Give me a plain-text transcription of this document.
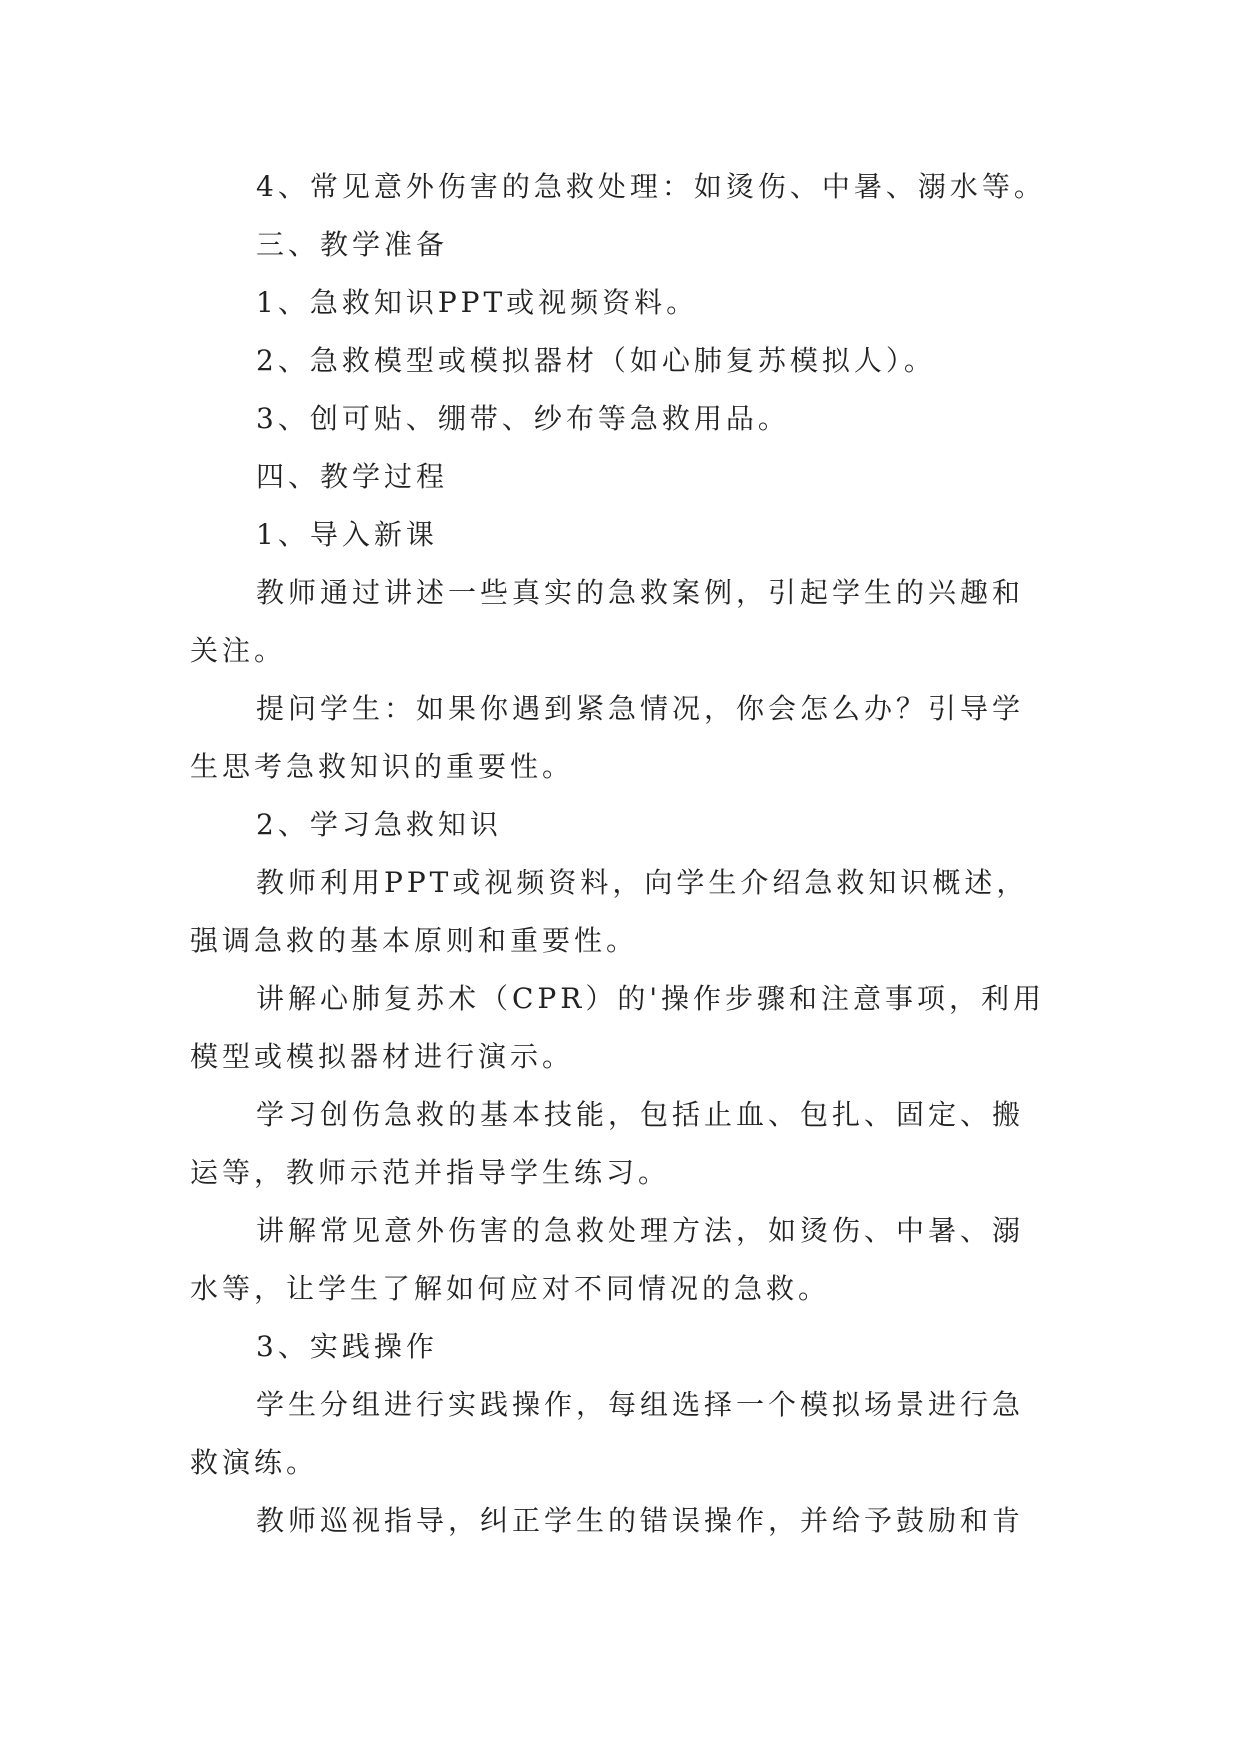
4、常见意外伤害的急救处理：如烫伤、中暑、溺水等。

三、教学准备

1、急救知识PPT或视频资料。

2、急救模型或模拟器材（如心肺复苏模拟人）。

3、创可贴、绷带、纱布等急救用品。

四、教学过程

1、导入新课

教师通过讲述一些真实的急救案例，引起学生的兴趣和关注。

提问学生：如果你遇到紧急情况，你会怎么办？引导学生思考急救知识的重要性。

2、学习急救知识

教师利用PPT或视频资料，向学生介绍急救知识概述，强调急救的基本原则和重要性。

讲解心肺复苏术（CPR）的'操作步骤和注意事项，利用模型或模拟器材进行演示。

学习创伤急救的基本技能，包括止血、包扎、固定、搬运等，教师示范并指导学生练习。

讲解常见意外伤害的急救处理方法，如烫伤、中暑、溺水等，让学生了解如何应对不同情况的急救。

3、实践操作

学生分组进行实践操作，每组选择一个模拟场景进行急救演练。

教师巡视指导，纠正学生的错误操作，并给予鼓励和肯
